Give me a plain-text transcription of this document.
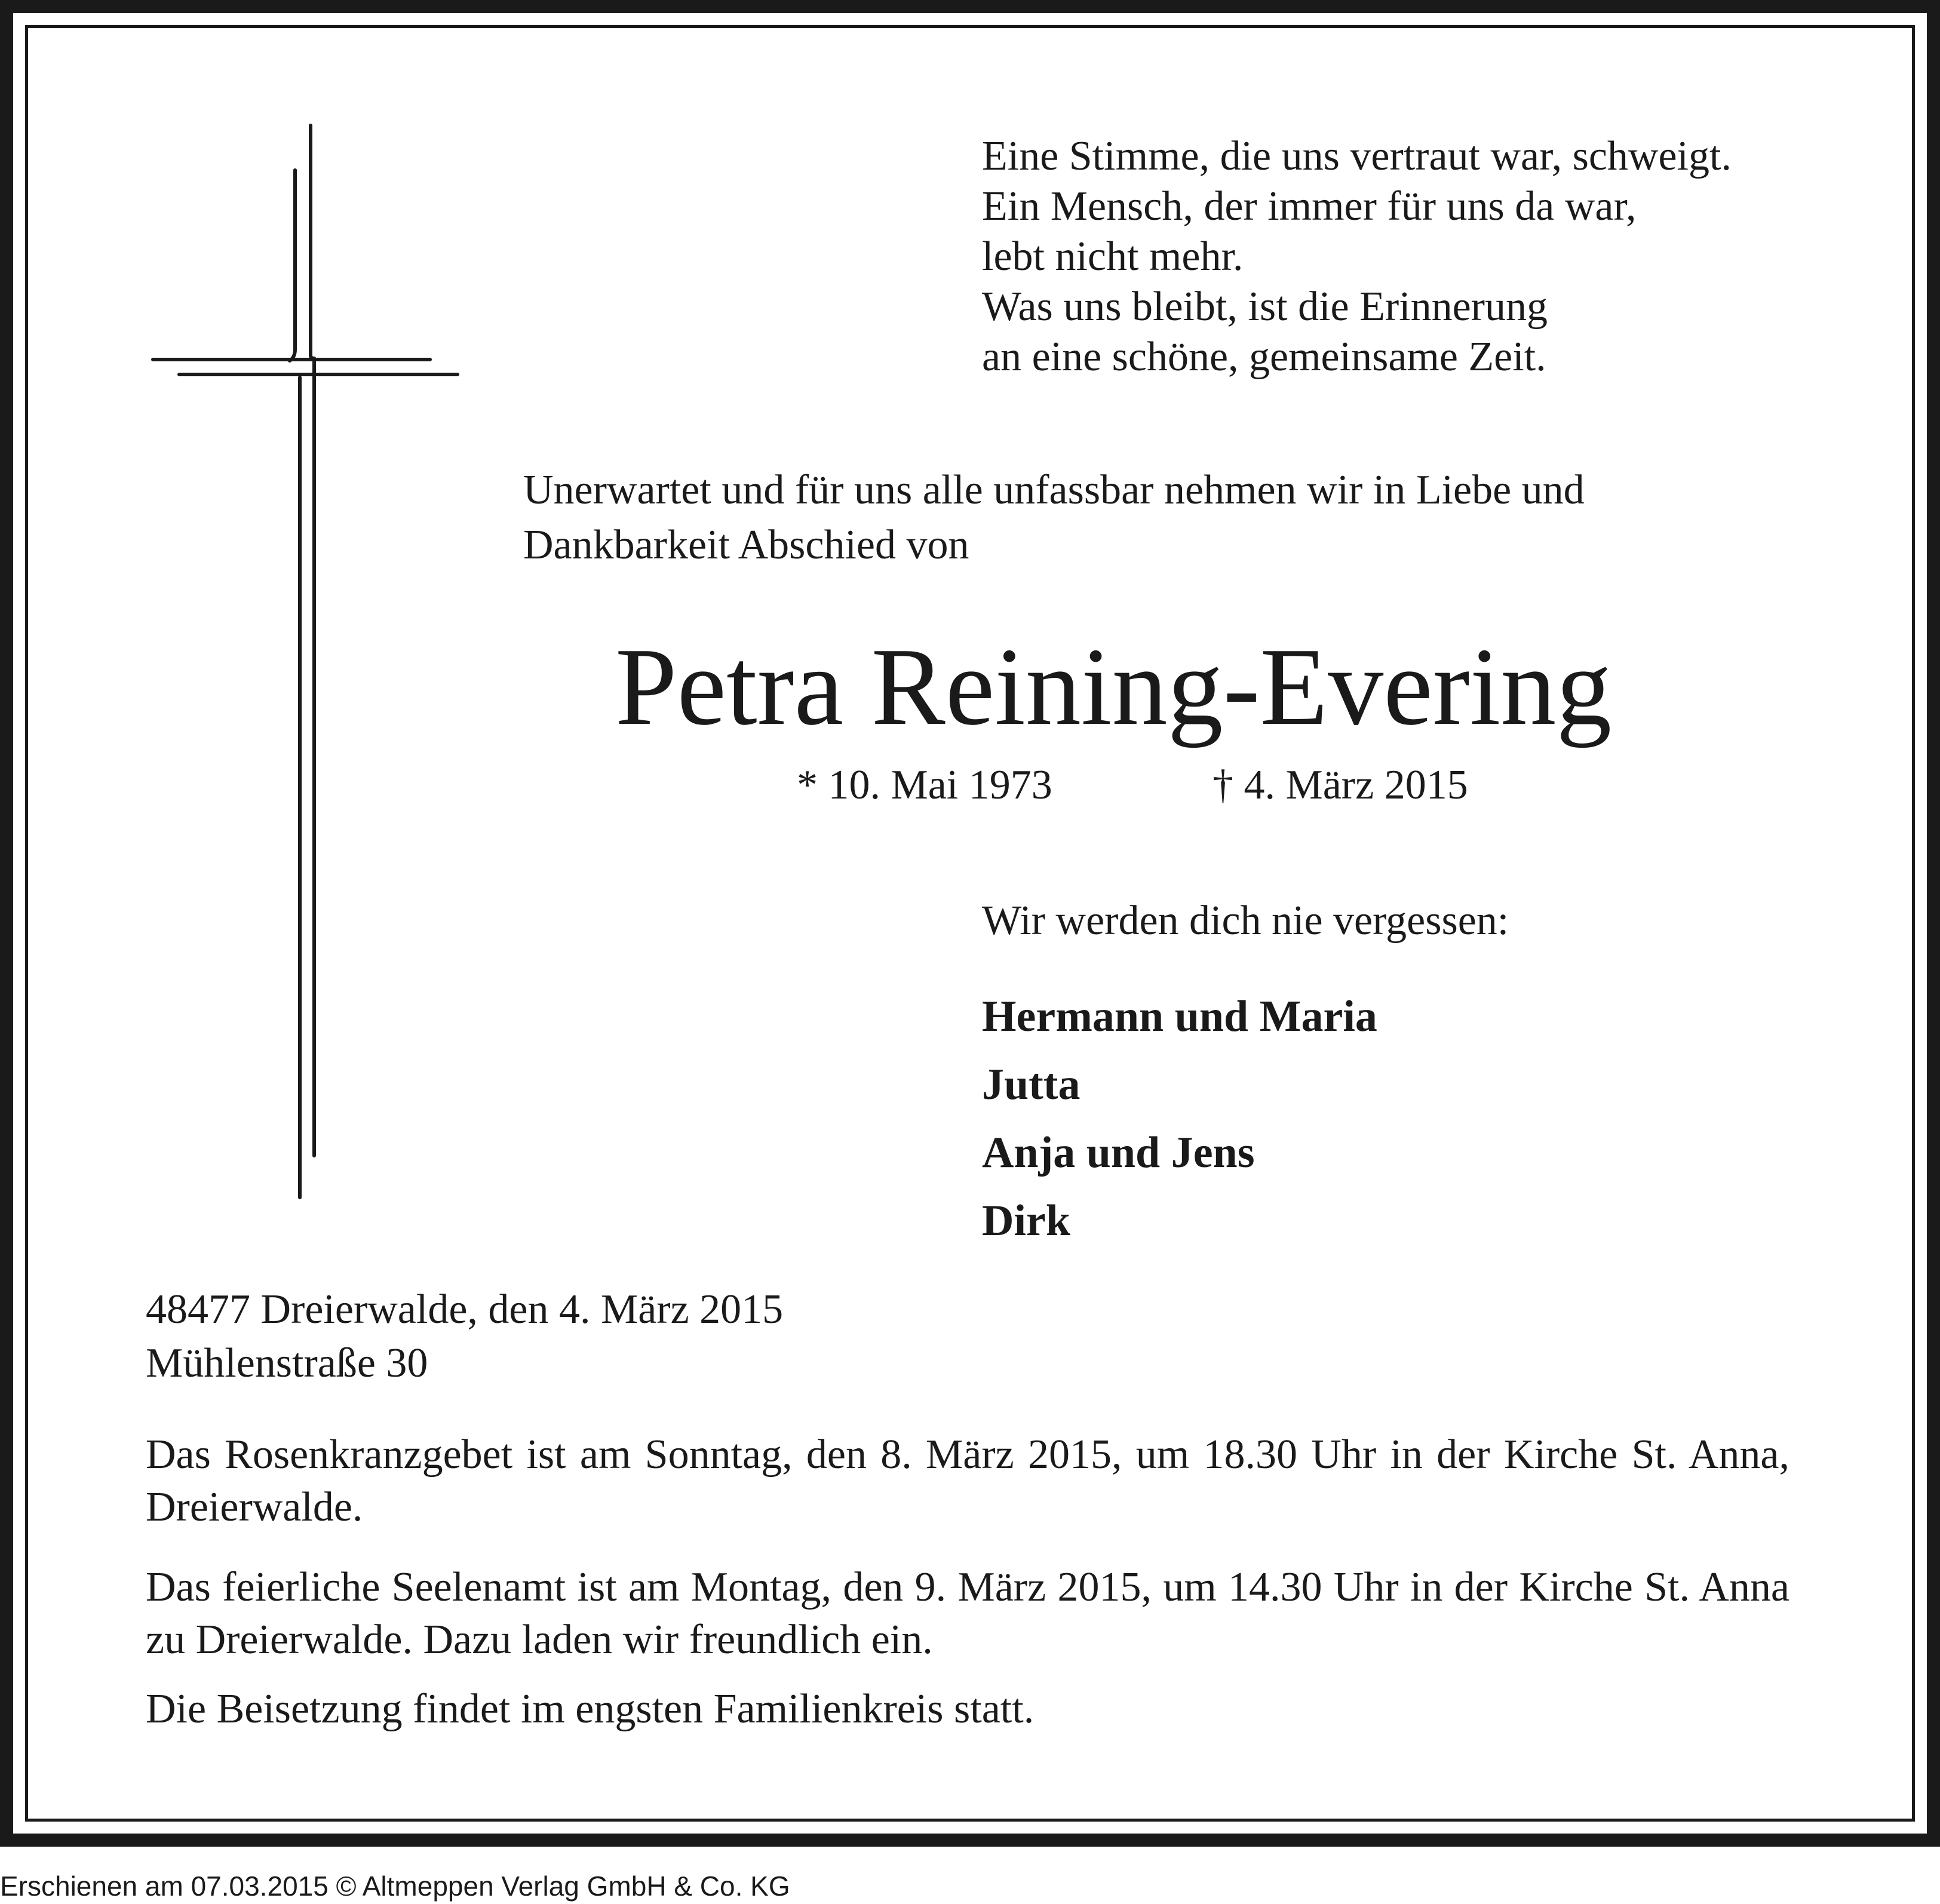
Eine Stimme, die uns vertraut war, schweigt.
Ein Mensch, der immer für uns da war,
lebt nicht mehr.
Was uns bleibt, ist die Erinnerung
an eine schöne, gemeinsame Zeit.
Unerwartet und für uns alle unfassbar nehmen wir in Liebe und
Dankbarkeit Abschied von
Petra Reining-Evering
* 10. Mai 1973	† 4. März 2015
Wir werden dich nie vergessen:
Hermann und Maria
Jutta
Anja und Jens
Dirk
48477 Dreierwalde, den 4. März 2015
Mühlenstraße 30

Das Rosenkranzgebet ist am Sonntag, den 8. März 2015, um 18.30 Uhr in der Kirche St. Anna, Dreierwalde.

Das feierliche Seelenamt ist am Montag, den 9. März 2015, um 14.30 Uhr in der Kirche St. Anna zu Dreierwalde. Dazu laden wir freundlich ein.

Die Beisetzung findet im engsten Familienkreis statt.

Erschienen am 07.03.2015 © Altmeppen Verlag GmbH & Co. KG
